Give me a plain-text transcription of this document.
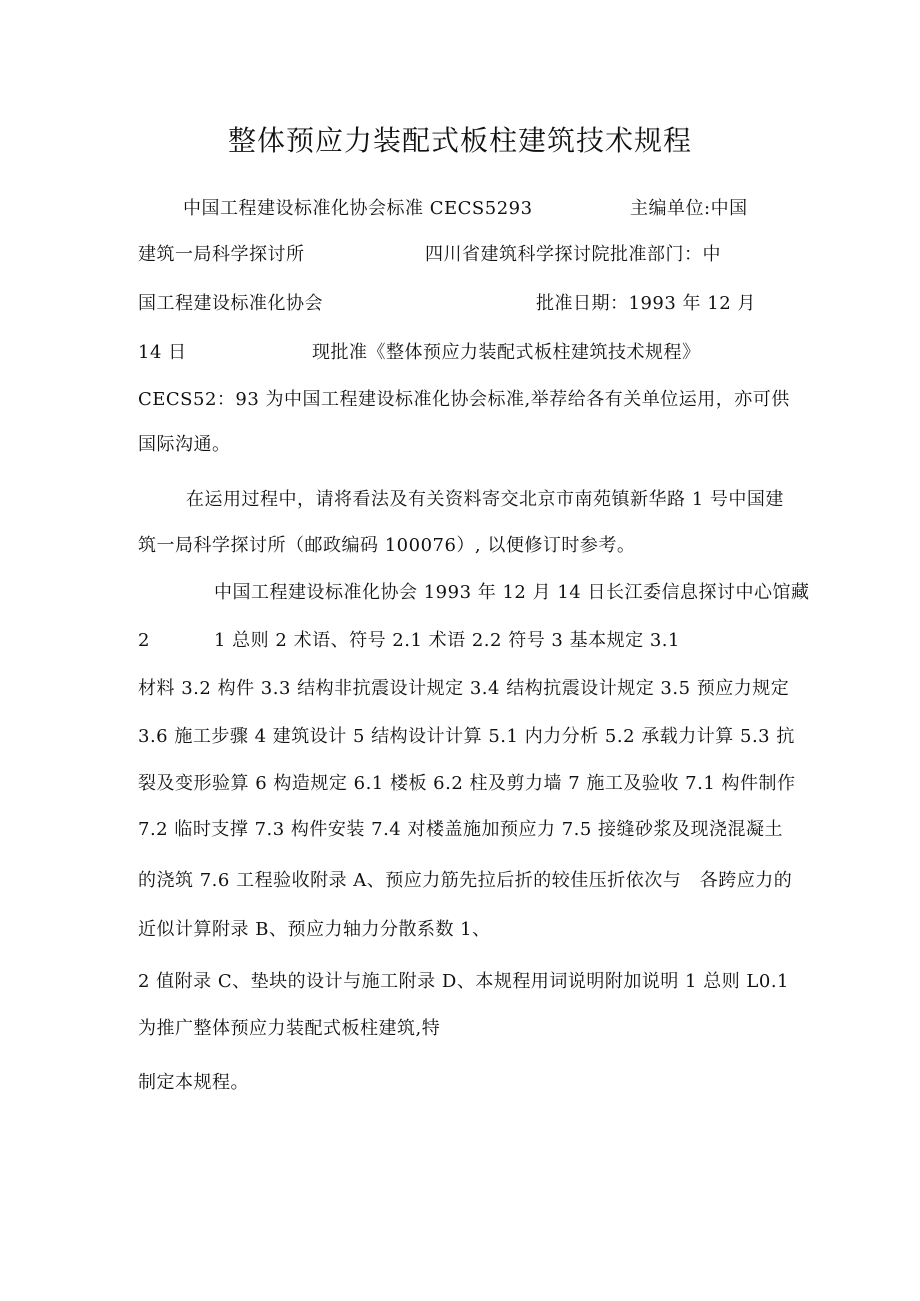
整体预应力装配式板柱建筑技术规程
中国工程建设标准化协会标准 CECS5293	主编单位:中国
建筑一局科学探讨所	四川省建筑科学探讨院批准部门：中
国工程建设标准化协会	批准日期：1993 年 12 月
14 日	现批准《整体预应力装配式板柱建筑技术规程》
CECS52：93 为中国工程建设标准化协会标准,举荐给各有关单位运用，亦可供
国际沟通。
在运用过程中，请将看法及有关资料寄交北京市南苑镇新华路 1 号中国建
筑一局科学探讨所（邮政编码 100076）, 以便修订时参考。
中国工程建设标准化协会 1993 年 12 月 14 日长江委信息探讨中心馆藏
2	1 总则 2 术语、符号 2.1 术语 2.2 符号 3 基本规定 3.1
材料 3.2 构件 3.3 结构非抗震设计规定 3.4 结构抗震设计规定 3.5 预应力规定
3.6 施工步骤 4 建筑设计 5 结构设计计算 5.1 内力分析 5.2 承载力计算 5.3 抗
裂及变形验算 6 构造规定 6.1 楼板 6.2 柱及剪力墙 7 施工及验收 7.1 构件制作
7.2 临时支撑 7.3 构件安装 7.4 对楼盖施加预应力 7.5 接缝砂浆及现浇混凝土
的浇筑 7.6 工程验收附录 A、预应力筋先拉后折的较佳压折依次与　各跨应力的
近似计算附录 B、预应力轴力分散系数 1、
2 值附录 C、垫块的设计与施工附录 D、本规程用词说明附加说明 1 总则 L0.1
为推广整体预应力装配式板柱建筑,特
制定本规程。
